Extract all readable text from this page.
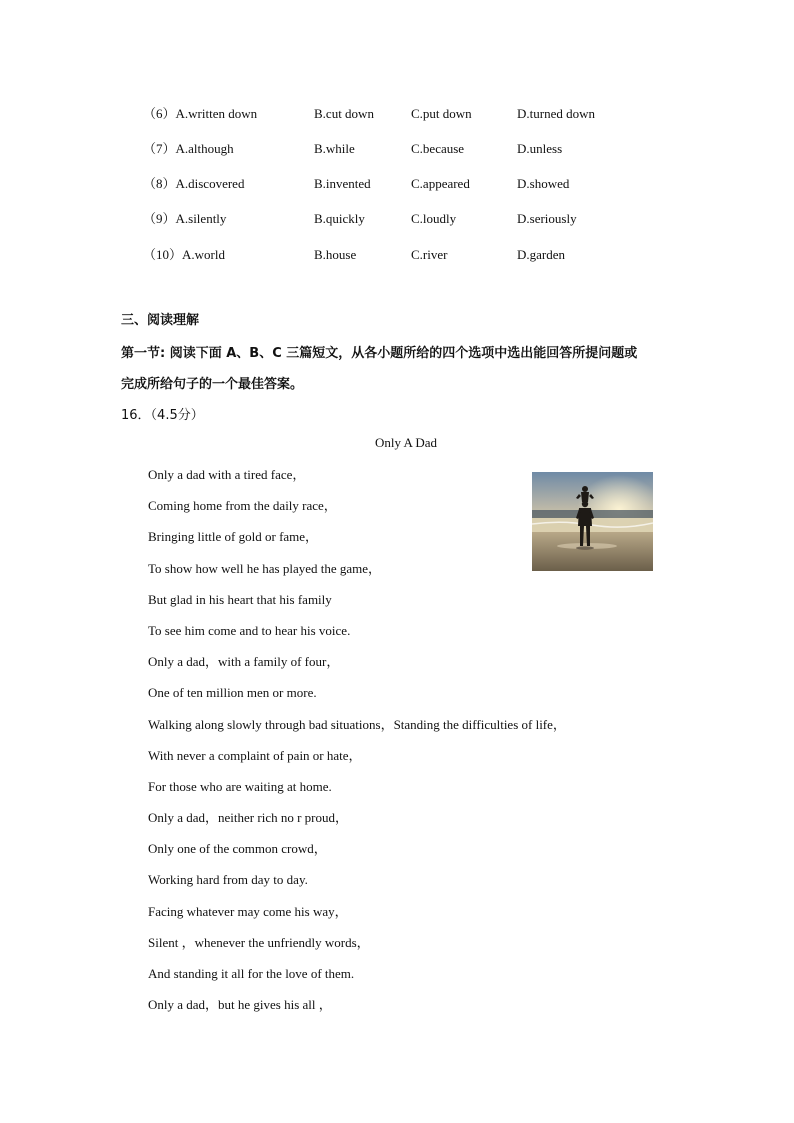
（6）A.written down	B.cut down	C.put down	D.turned down
（7）A.although	B.while	C.because	D.unless
（8）A.discovered	B.invented	C.appeared	D.showed
（9）A.silently	B.quickly	C.loudly	D.seriously
（10）A.world	B.house	C.river	D.garden
三、阅读理解
第一节: 阅读下面 A、B、C 三篇短文，从各小题所给的四个选项中选出能回答所提问题或
完成所给句子的一个最佳答案。
16．（4.5分）
Only A Dad
Only a dad with a tired face，
Coming home from the daily race，
Bringing little of gold or fame，
To show how well he has played the game，
But glad in his heart that his family
To see him come and to hear his voice.
Only a dad，with a family of four，
One of ten million men or more.
Walking along slowly through bad situations，Standing the difficulties of life，
With never a complaint of pain or hate，
For those who are waiting at home.
Only a dad，neither rich no r proud，
Only one of the common crowd，
Working hard from day to day.
Facing whatever may come his way，
Silent ，whenever the unfriendly words，
And standing it all for the love of them.
Only a dad，but he gives his all ，
